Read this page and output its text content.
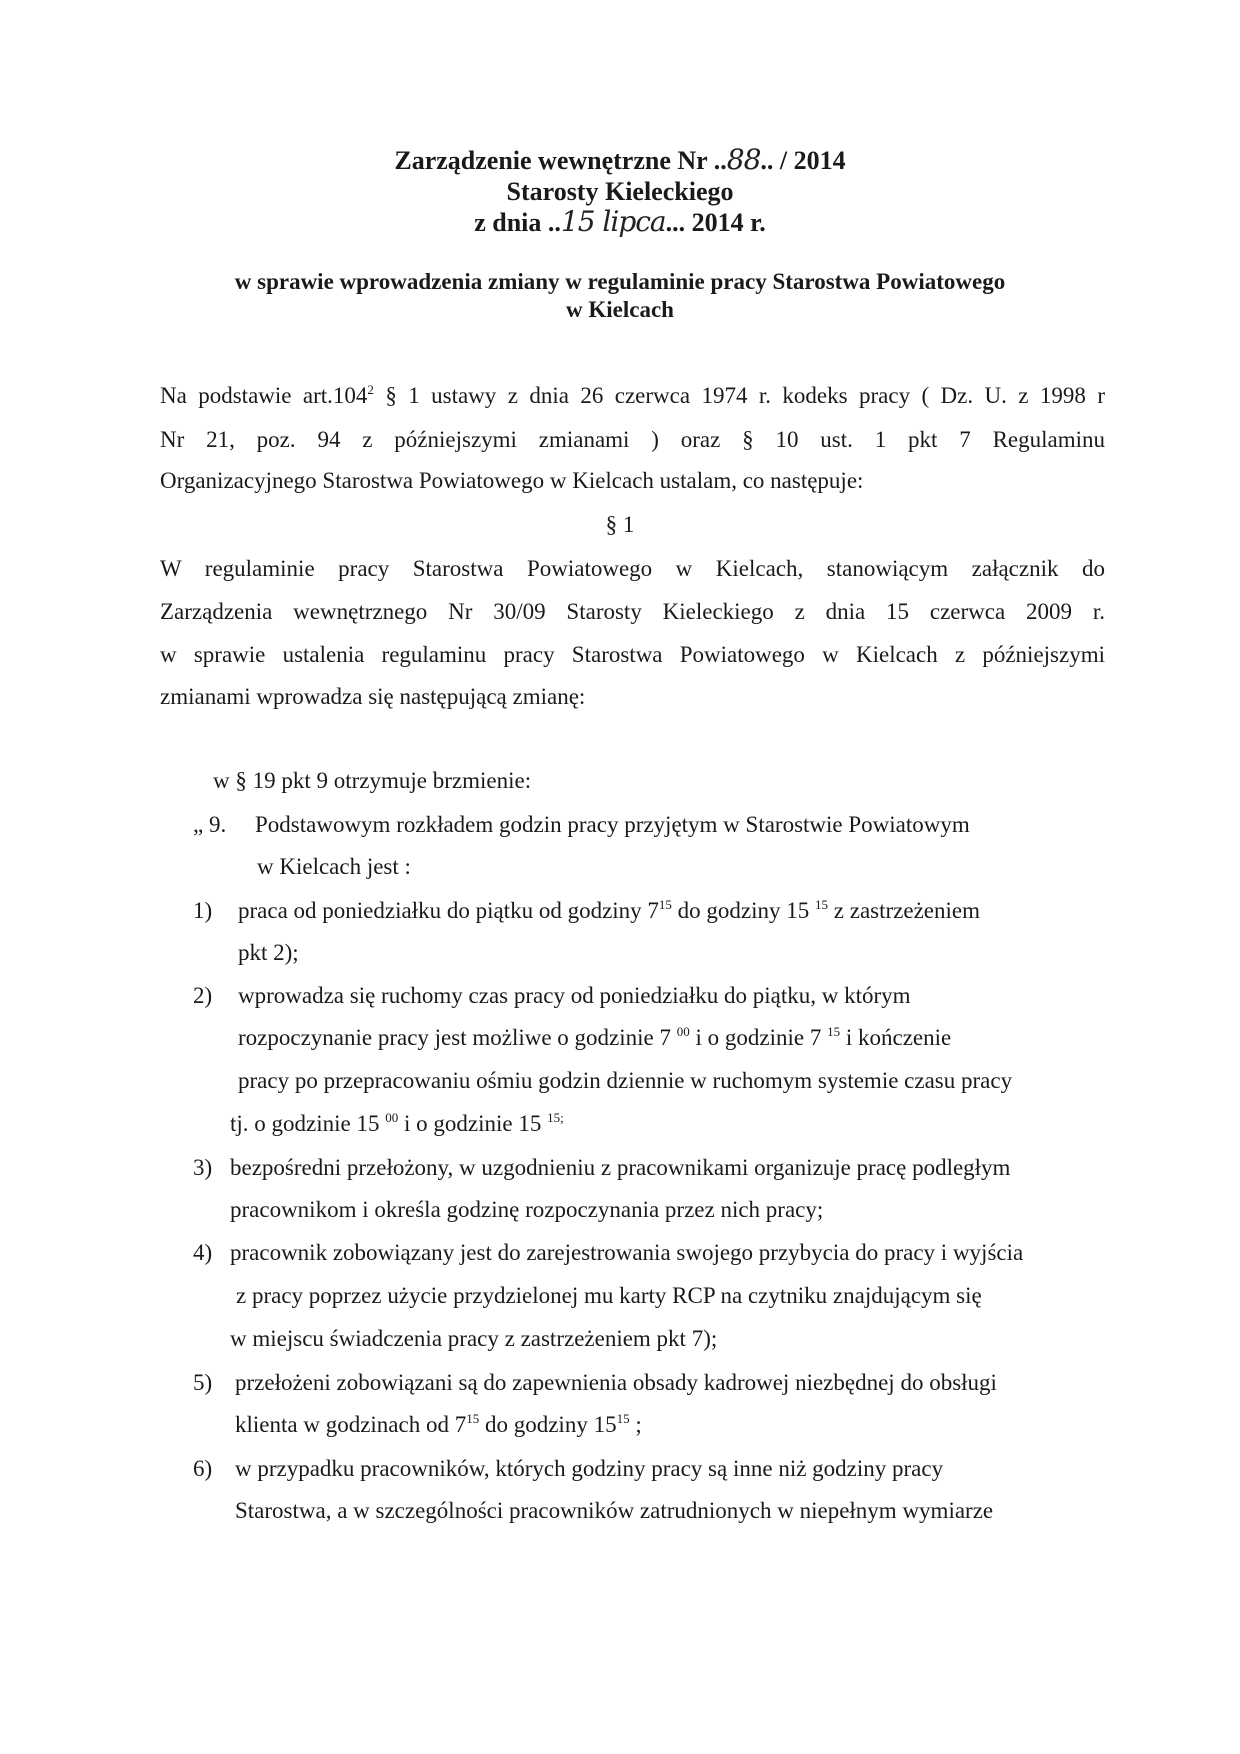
Zarządzenie wewnętrzne Nr ..88.. / 2014
Starosty Kieleckiego
z dnia ..15 lipca... 2014 r.
w sprawie wprowadzenia zmiany w regulaminie pracy Starostwa Powiatowego
w Kielcach
Na podstawie art.104$^2$ § 1 ustawy z dnia 26 czerwca 1974 r. kodeks pracy ( Dz. U. z 1998 r
Nr 21, poz. 94 z późniejszymi zmianami ) oraz § 10 ust. 1 pkt 7 Regulaminu
Organizacyjnego Starostwa Powiatowego w Kielcach ustalam, co następuje:
§ 1
W regulaminie pracy Starostwa Powiatowego w Kielcach, stanowiącym załącznik do
Zarządzenia wewnętrznego Nr 30/09 Starosty Kieleckiego z dnia 15 czerwca 2009 r.
w sprawie ustalenia regulaminu pracy Starostwa Powiatowego w Kielcach z późniejszymi
zmianami wprowadza się następującą zmianę:
w § 19 pkt 9 otrzymuje brzmienie:
„ 9. Podstawowym rozkładem godzin pracy przyjętym w Starostwie Powiatowym
w Kielcach jest :
1) praca od poniedziałku do piątku od godziny $7^{15}$ do godziny 15 $^{15}$ z zastrzeżeniem
pkt 2);
2) wprowadza się ruchomy czas pracy od poniedziałku do piątku, w którym
rozpoczynanie pracy jest możliwe o godzinie 7 $^{00}$ i o godzinie 7 $^{15}$ i kończenie
pracy po przepracowaniu ośmiu godzin dziennie w ruchomym systemie czasu pracy
tj. o godzinie 15 $^{00}$ i o godzinie 15 $^{15;}$
3) bezpośredni przełożony, w uzgodnieniu z pracownikami organizuje pracę podległym
pracownikom i określa godzinę rozpoczynania przez nich pracy;
4) pracownik zobowiązany jest do zarejestrowania swojego przybycia do pracy i wyjścia
z pracy poprzez użycie przydzielonej mu karty RCP na czytniku znajdującym się
w miejscu świadczenia pracy z zastrzeżeniem pkt 7);
5) przełożeni zobowiązani są do zapewnienia obsady kadrowej niezbędnej do obsługi
klienta w godzinach od $7^{15}$ do godziny $15^{15}$ ;
6) w przypadku pracowników, których godziny pracy są inne niż godziny pracy
Starostwa, a w szczególności pracowników zatrudnionych w niepełnym wymiarze
